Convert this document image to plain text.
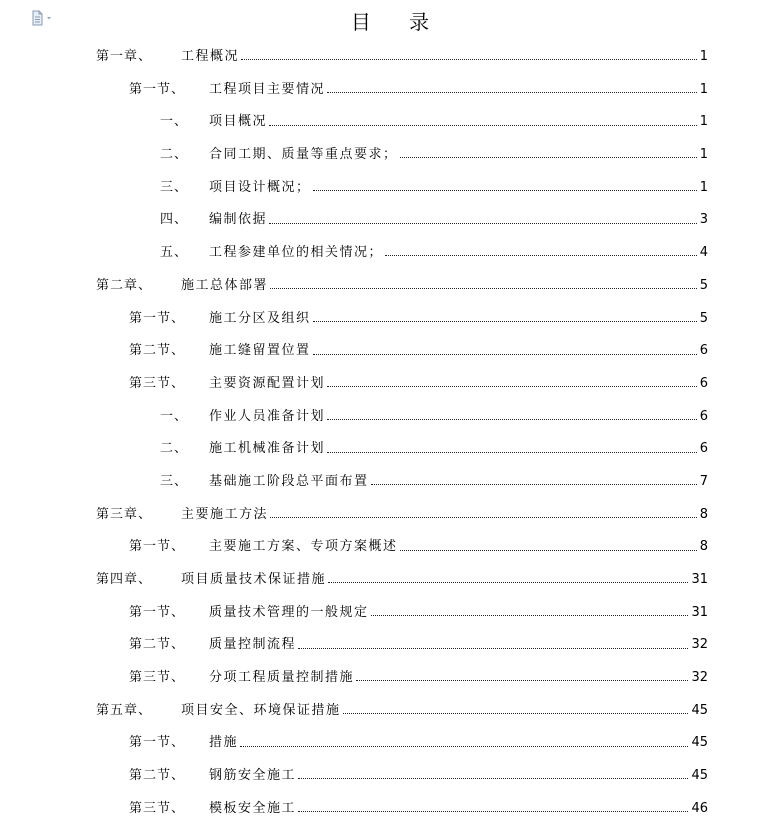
目      录
第一章、	工程概况	1
第一节、	工程项目主要情况	1
一、	项目概况	1
二、	合同工期、质量等重点要求；	1
三、	项目设计概况；	1
四、	编制依据	3
五、	工程参建单位的相关情况；	4
第二章、	施工总体部署	5
第一节、	施工分区及组织	5
第二节、	施工缝留置位置	6
第三节、	主要资源配置计划	6
一、	作业人员准备计划	6
二、	施工机械准备计划	6
三、	基础施工阶段总平面布置	7
第三章、	主要施工方法	8
第一节、	主要施工方案、专项方案概述	8
第四章、	项目质量技术保证措施	31
第一节、	质量技术管理的一般规定	31
第二节、	质量控制流程	32
第三节、	分项工程质量控制措施	32
第五章、	项目安全、环境保证措施	45
第一节、	措施	45
第二节、	钢筋安全施工	45
第三节、	模板安全施工	46
